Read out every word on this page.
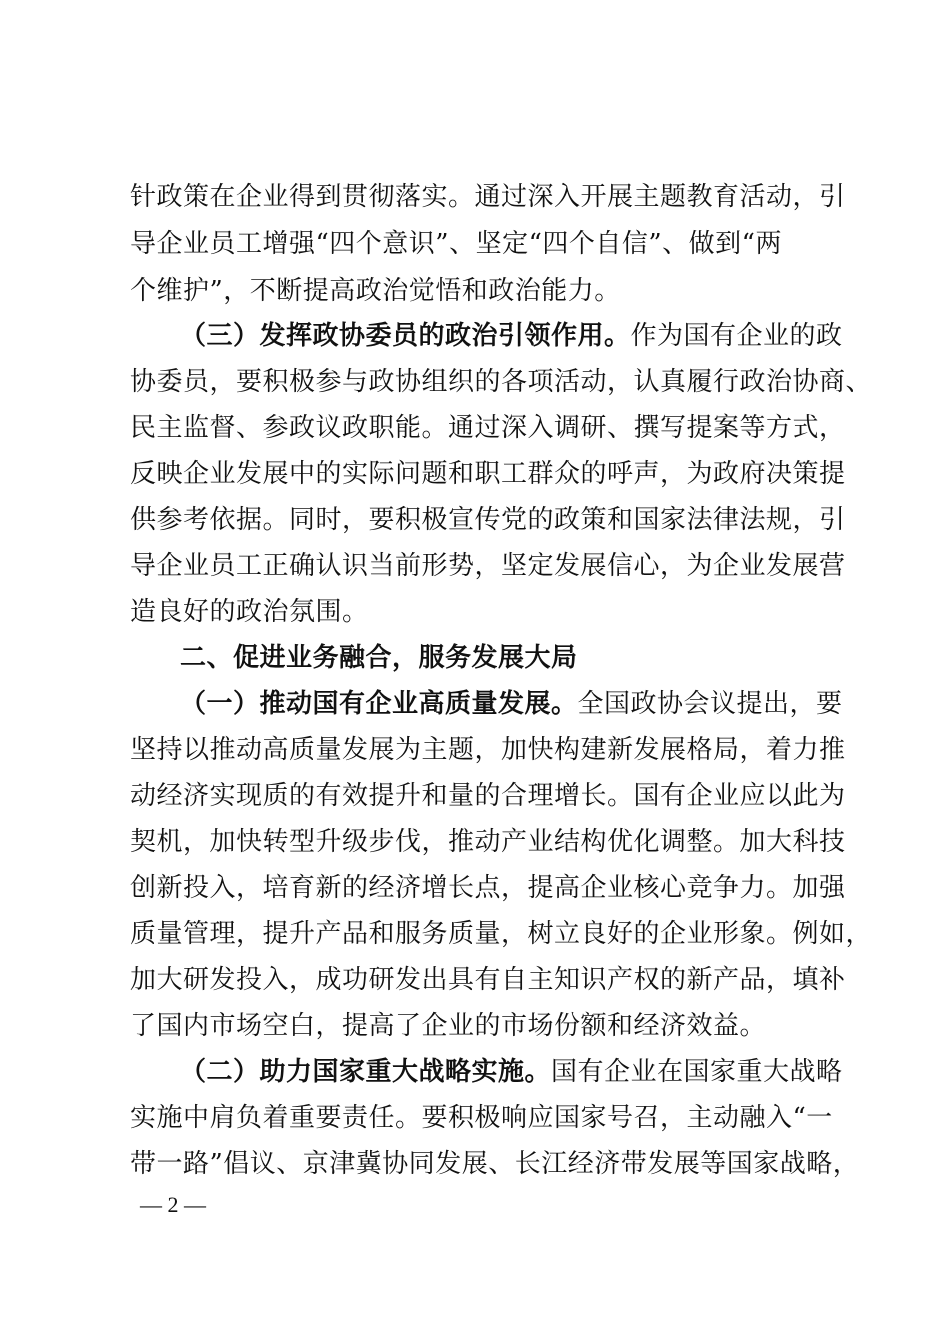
针政策在企业得到贯彻落实。通过深入开展主题教育活动，引
导企业员工增强“四个意识”、坚定“四个自信”、做到“两
个维护”，不断提高政治觉悟和政治能力。
（三）发挥政协委员的政治引领作用。作为国有企业的政
协委员，要积极参与政协组织的各项活动，认真履行政治协商、
民主监督、参政议政职能。通过深入调研、撰写提案等方式，
反映企业发展中的实际问题和职工群众的呼声，为政府决策提
供参考依据。同时，要积极宣传党的政策和国家法律法规，引
导企业员工正确认识当前形势，坚定发展信心，为企业发展营
造良好的政治氛围。
二、促进业务融合，服务发展大局
（一）推动国有企业高质量发展。全国政协会议提出，要
坚持以推动高质量发展为主题，加快构建新发展格局，着力推
动经济实现质的有效提升和量的合理增长。国有企业应以此为
契机，加快转型升级步伐，推动产业结构优化调整。加大科技
创新投入，培育新的经济增长点，提高企业核心竞争力。加强
质量管理，提升产品和服务质量，树立良好的企业形象。例如，
加大研发投入，成功研发出具有自主知识产权的新产品，填补
了国内市场空白，提高了企业的市场份额和经济效益。
（二）助力国家重大战略实施。国有企业在国家重大战略
实施中肩负着重要责任。要积极响应国家号召，主动融入“一
带一路”倡议、京津冀协同发展、长江经济带发展等国家战略，
— 2 —
